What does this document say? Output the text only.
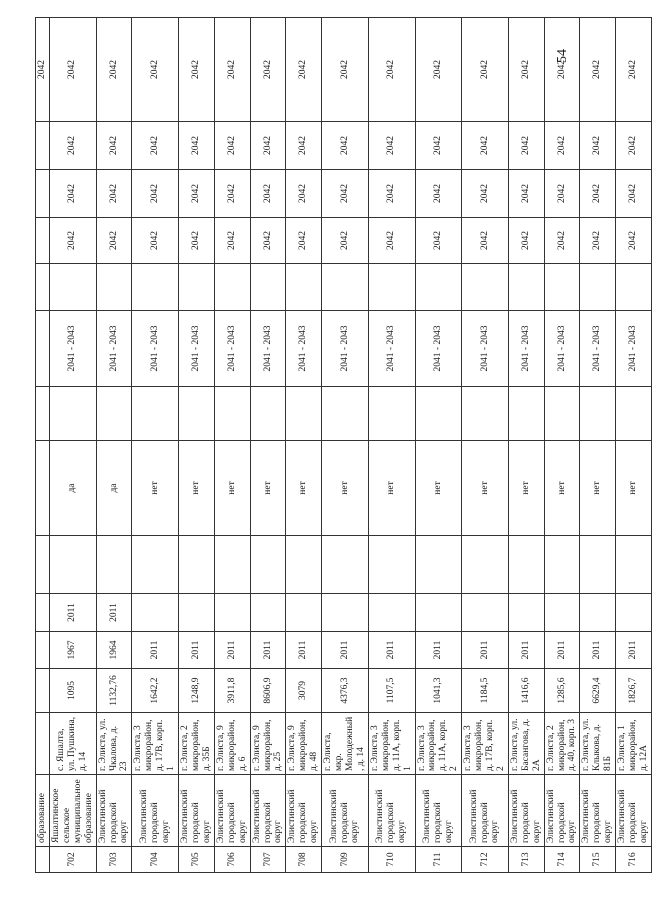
54
	образование													2042
702	Яшалтинское сельское муниципальное образование	с. Яшалта, ул. Пушкина, д. 14	1095	1967	2011		да		2041 - 2043		2042	2042	2042	2042
703	Элистинский городской округ	г. Элиста, ул. Чкалова, д. 23	1132,76	1964	2011		да		2041 - 2043		2042	2042	2042	2042
704	Элистинский городской округ	г. Элиста, 3 микрорайон, д. 17В, корп. 1	1642,2	2011			нет		2041 - 2043		2042	2042	2042	2042
705	Элистинский городской округ	г. Элиста, 2 микрорайон, д. 35Б	1248,9	2011			нет		2041 - 2043		2042	2042	2042	2042
706	Элистинский городской округ	г. Элиста, 9 микрорайон, д. 6	3911,8	2011			нет		2041 - 2043		2042	2042	2042	2042
707	Элистинский городской округ	г. Элиста, 9 микрорайон, д. 25	8606,9	2011			нет		2041 - 2043		2042	2042	2042	2042
708	Элистинский городской округ	г. Элиста, 9 микрорайон, д. 48	3079	2011			нет		2041 - 2043		2042	2042	2042	2042
709	Элистинский городской округ	г. Элиста, мкр. Молодежный, д. 14	4376,3	2011			нет		2041 - 2043		2042	2042	2042	2042
710	Элистинский городской округ	г. Элиста, 3 микрорайон, д. 11А, корп. 1	1107,5	2011			нет		2041 - 2043		2042	2042	2042	2042
711	Элистинский городской округ	г. Элиста, 3 микрорайон, д. 11А, корп. 2	1041,3	2011			нет		2041 - 2043		2042	2042	2042	2042
712	Элистинский городской округ	г. Элиста, 3 микрорайон, д. 17В, корп. 2	1184,5	2011			нет		2041 - 2043		2042	2042	2042	2042
713	Элистинский городской округ	г. Элиста, ул. Басангова, д. 2А	1416,6	2011			нет		2041 - 2043		2042	2042	2042	2042
714	Элистинский городской округ	г. Элиста, 2 микрорайон, д. 40, корп. 3	1285,6	2011			нет		2041 - 2043		2042	2042	2042	2042
715	Элистинский городской округ	г. Элиста, ул. Клыкова, д. 81Б	6629,4	2011			нет		2041 - 2043		2042	2042	2042	2042
716	Элистинский городской округ	г. Элиста, 1 микрорайон, д. 12А	1826,7	2011			нет		2041 - 2043		2042	2042	2042	2042
